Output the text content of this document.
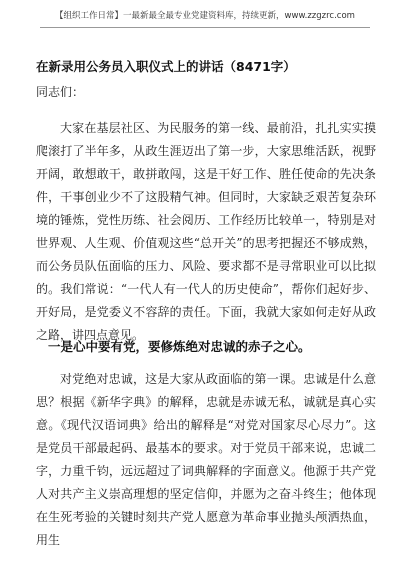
【组织工作日常】一最新最全最专业党建资料库，持续更新，www.zzgzrc.com
在新录用公务员入职仪式上的讲话（8471字）
同志们：

大家在基层社区、为民服务的第一线、最前沿，扎扎实实摸爬滚打了半年多，从政生涯迈出了第一步，大家思维活跃，视野开阔，敢想敢干，敢拼敢闯，这是干好工作、胜任使命的先决条件，干事创业少不了这股精气神。但同时，大家缺乏艰苦复杂环境的锤炼，党性历练、社会阅历、工作经历比较单一，特别是对世界观、人生观、价值观这些“总开关”的思考把握还不够成熟，而公务员队伍面临的压力、风险、要求都不是寻常职业可以比拟的。我们常说：“一代人有一代人的历史使命”，帮你们起好步、开好局，是党委义不容辞的责任。下面，我就大家如何走好从政之路，讲四点意见。

一是心中要有党，要修炼绝对忠诚的赤子之心。

对党绝对忠诚，这是大家从政面临的第一课。忠诚是什么意思？根据《新华字典》的解释，忠就是赤诚无私，诚就是真心实意。《现代汉语词典》给出的解释是“对党对国家尽心尽力”。这是党员干部最起码、最基本的要求。对于党员干部来说，忠诚二字，力重千钧，远远超过了词典解释的字面意义。他源于共产党人对共产主义崇高理想的坚定信仰，并愿为之奋斗终生；他体现在生死考验的关键时刻共产党人愿意为革命事业抛头颅洒热血，用生
